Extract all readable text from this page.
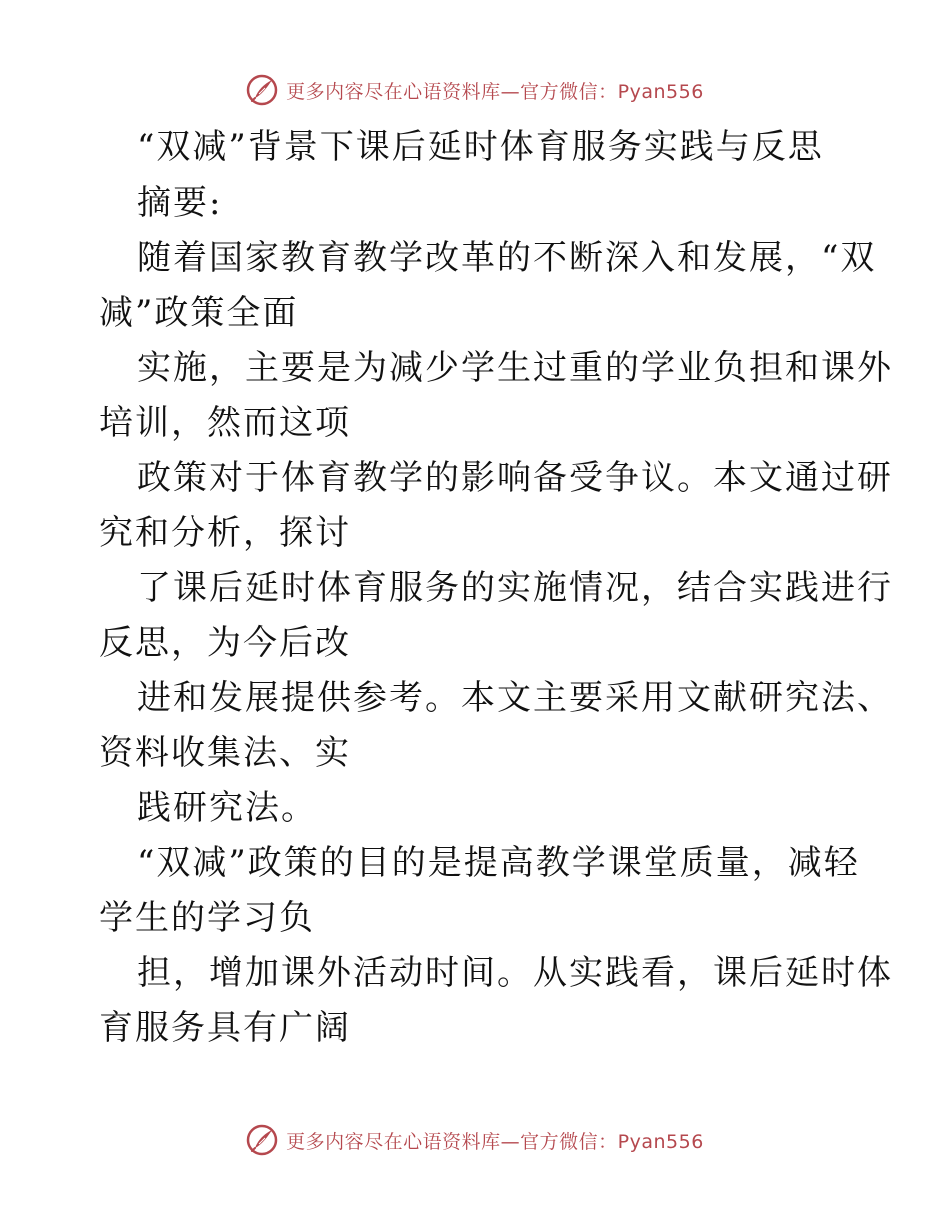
更多内容尽在心语资料库—官方微信：Pyan556
“双减”背景下课后延时体育服务实践与反思

摘要:

随着国家教育教学改革的不断深入和发展，“双

减”政策全面

实施，主要是为减少学生过重的学业负担和课外

培训，然而这项

政策对于体育教学的影响备受争议。本文通过研

究和分析，探讨

了课后延时体育服务的实施情况，结合实践进行

反思，为今后改

进和发展提供参考。本文主要采用文献研究法、

资料收集法、实

践研究法。

“双减”政策的目的是提高教学课堂质量，减轻

学生的学习负

担，增加课外活动时间。从实践看，课后延时体

育服务具有广阔

更多内容尽在心语资料库—官方微信：Pyan556
